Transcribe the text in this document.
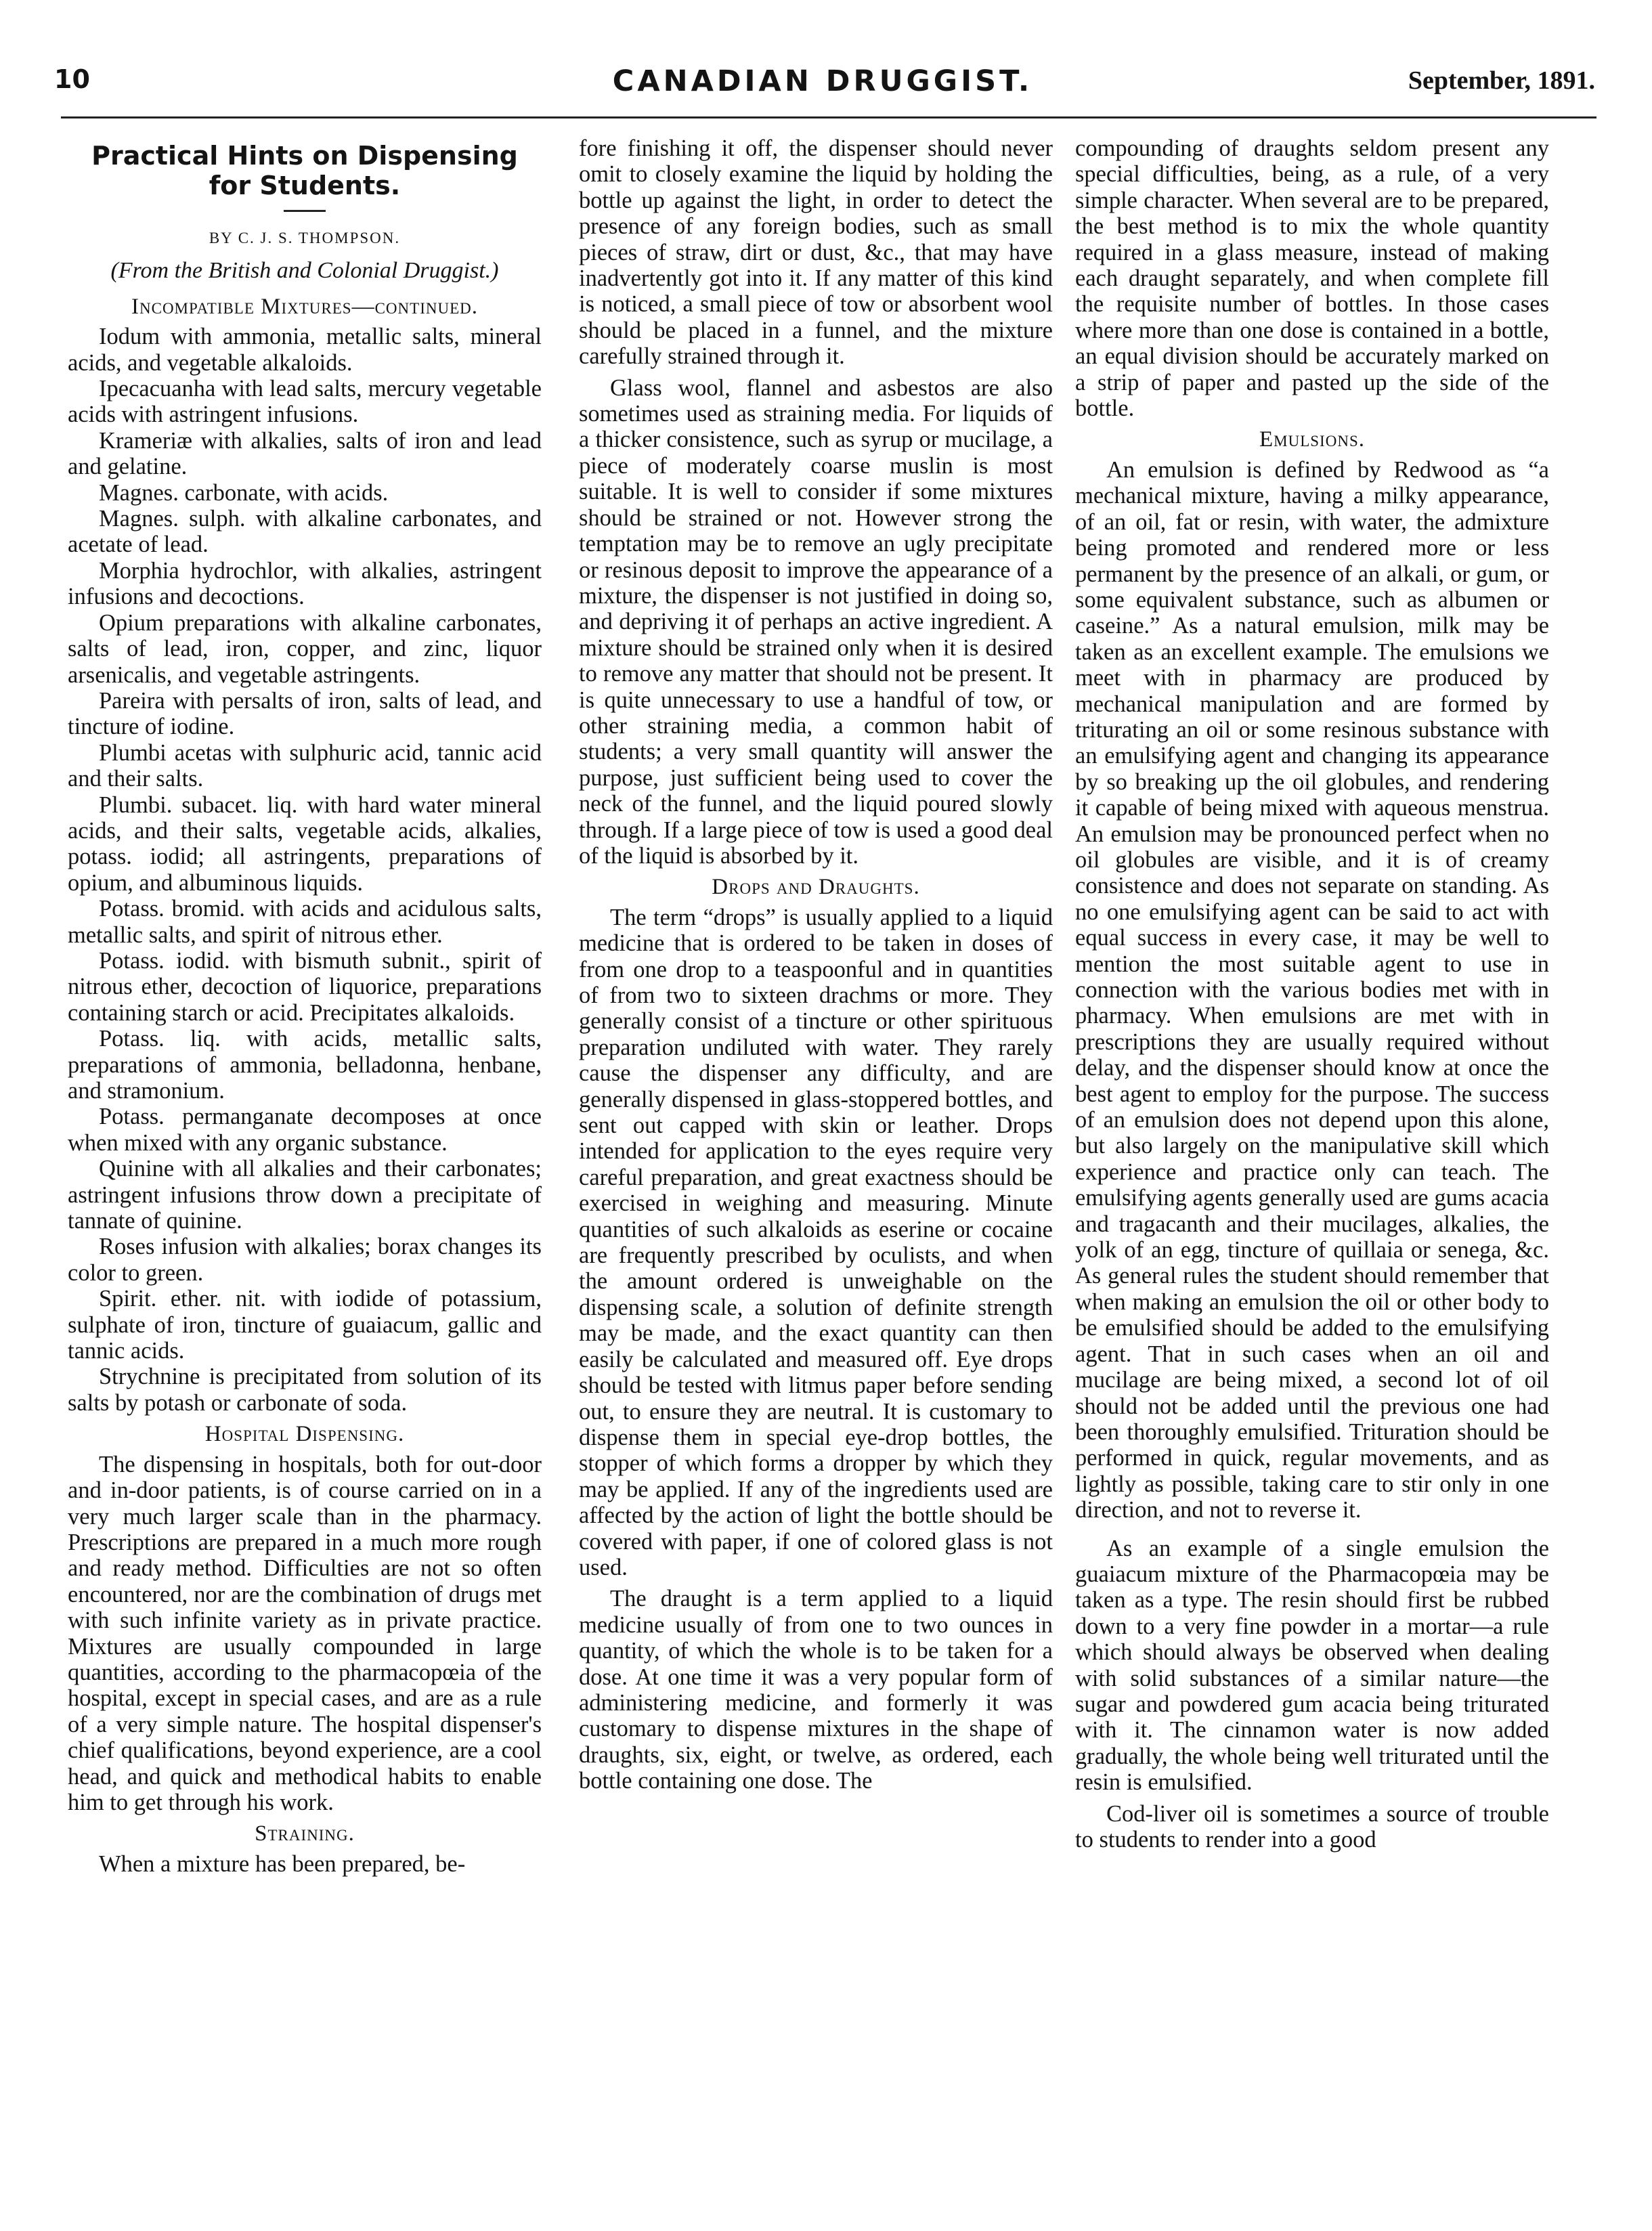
10	CANADIAN DRUGGIST.	September, 1891.
Practical Hints on Dispensing for Students.
BY C. J. S. THOMPSON.
(From the British and Colonial Druggist.)
Incompatible Mixtures—continued.

Iodum with ammonia, metallic salts, mineral acids, and vegetable alkaloids.

Ipecacuanha with lead salts, mercury vegetable acids with astringent infusions.

Krameriæ with alkalies, salts of iron and lead and gelatine.

Magnes. carbonate, with acids.

Magnes. sulph. with alkaline carbonates, and acetate of lead.

Morphia hydrochlor, with alkalies, astringent infusions and decoctions.

Opium preparations with alkaline carbonates, salts of lead, iron, copper, and zinc, liquor arsenicalis, and vegetable astringents.

Pareira with persalts of iron, salts of lead, and tincture of iodine.

Plumbi acetas with sulphuric acid, tannic acid and their salts.

Plumbi. subacet. liq. with hard water mineral acids, and their salts, vegetable acids, alkalies, potass. iodid; all astringents, preparations of opium, and albuminous liquids.

Potass. bromid. with acids and acidulous salts, metallic salts, and spirit of nitrous ether.

Potass. iodid. with bismuth subnit., spirit of nitrous ether, decoction of liquorice, preparations containing starch or acid. Precipitates alkaloids.

Potass. liq. with acids, metallic salts, preparations of ammonia, belladonna, henbane, and stramonium.

Potass. permanganate decomposes at once when mixed with any organic substance.

Quinine with all alkalies and their carbonates; astringent infusions throw down a precipitate of tannate of quinine.

Roses infusion with alkalies; borax changes its color to green.

Spirit. ether. nit. with iodide of potassium, sulphate of iron, tincture of guaiacum, gallic and tannic acids.

Strychnine is precipitated from solution of its salts by potash or carbonate of soda.

Hospital Dispensing.

The dispensing in hospitals, both for out-door and in-door patients, is of course carried on in a very much larger scale than in the pharmacy. Prescriptions are prepared in a much more rough and ready method. Difficulties are not so often encountered, nor are the combination of drugs met with such infinite variety as in private practice. Mixtures are usually compounded in large quantities, according to the pharmacopœia of the hospital, except in special cases, and are as a rule of a very simple nature. The hospital dispenser's chief qualifications, beyond experience, are a cool head, and quick and methodical habits to enable him to get through his work.

Straining.

When a mixture has been prepared, be-

fore finishing it off, the dispenser should never omit to closely examine the liquid by holding the bottle up against the light, in order to detect the presence of any foreign bodies, such as small pieces of straw, dirt or dust, &c., that may have inadvertently got into it. If any matter of this kind is noticed, a small piece of tow or absorbent wool should be placed in a funnel, and the mixture carefully strained through it.

Glass wool, flannel and asbestos are also sometimes used as straining media. For liquids of a thicker consistence, such as syrup or mucilage, a piece of moderately coarse muslin is most suitable. It is well to consider if some mixtures should be strained or not. However strong the temptation may be to remove an ugly precipitate or resinous deposit to improve the appearance of a mixture, the dispenser is not justified in doing so, and depriving it of perhaps an active ingredient. A mixture should be strained only when it is desired to remove any matter that should not be present. It is quite unnecessary to use a handful of tow, or other straining media, a common habit of students; a very small quantity will answer the purpose, just sufficient being used to cover the neck of the funnel, and the liquid poured slowly through. If a large piece of tow is used a good deal of the liquid is absorbed by it.

Drops and Draughts.

The term “drops” is usually applied to a liquid medicine that is ordered to be taken in doses of from one drop to a teaspoonful and in quantities of from two to sixteen drachms or more. They generally consist of a tincture or other spirituous preparation undiluted with water. They rarely cause the dispenser any difficulty, and are generally dispensed in glass-stoppered bottles, and sent out capped with skin or leather. Drops intended for application to the eyes require very careful preparation, and great exactness should be exercised in weighing and measuring. Minute quantities of such alkaloids as eserine or cocaine are frequently prescribed by oculists, and when the amount ordered is unweighable on the dispensing scale, a solution of definite strength may be made, and the exact quantity can then easily be calculated and measured off. Eye drops should be tested with litmus paper before sending out, to ensure they are neutral. It is customary to dispense them in special eye-drop bottles, the stopper of which forms a dropper by which they may be applied. If any of the ingredients used are affected by the action of light the bottle should be covered with paper, if one of colored glass is not used.

The draught is a term applied to a liquid medicine usually of from one to two ounces in quantity, of which the whole is to be taken for a dose. At one time it was a very popular form of administering medicine, and formerly it was customary to dispense mixtures in the shape of draughts, six, eight, or twelve, as ordered, each bottle containing one dose. The

compounding of draughts seldom present any special difficulties, being, as a rule, of a very simple character. When several are to be prepared, the best method is to mix the whole quantity required in a glass measure, instead of making each draught separately, and when complete fill the requisite number of bottles. In those cases where more than one dose is contained in a bottle, an equal division should be accurately marked on a strip of paper and pasted up the side of the bottle.

Emulsions.

An emulsion is defined by Redwood as “a mechanical mixture, having a milky appearance, of an oil, fat or resin, with water, the admixture being promoted and rendered more or less permanent by the presence of an alkali, or gum, or some equivalent substance, such as albumen or caseine.” As a natural emulsion, milk may be taken as an excellent example. The emulsions we meet with in pharmacy are produced by mechanical manipulation and are formed by triturating an oil or some resinous substance with an emulsifying agent and changing its appearance by so breaking up the oil globules, and rendering it capable of being mixed with aqueous menstrua. An emulsion may be pronounced perfect when no oil globules are visible, and it is of creamy consistence and does not separate on standing. As no one emulsifying agent can be said to act with equal success in every case, it may be well to mention the most suitable agent to use in connection with the various bodies met with in pharmacy. When emulsions are met with in prescriptions they are usually required without delay, and the dispenser should know at once the best agent to employ for the purpose. The success of an emulsion does not depend upon this alone, but also largely on the manipulative skill which experience and practice only can teach. The emulsifying agents generally used are gums acacia and tragacanth and their mucilages, alkalies, the yolk of an egg, tincture of quillaia or senega, &c. As general rules the student should remember that when making an emulsion the oil or other body to be emulsified should be added to the emulsifying agent. That in such cases when an oil and mucilage are being mixed, a second lot of oil should not be added until the previous one had been thoroughly emulsified. Trituration should be performed in quick, regular movements, and as lightly as possible, taking care to stir only in one direction, and not to reverse it.

As an example of a single emulsion the guaiacum mixture of the Pharmacopœia may be taken as a type. The resin should first be rubbed down to a very fine powder in a mortar—a rule which should always be observed when dealing with solid substances of a similar nature—the sugar and powdered gum acacia being triturated with it. The cinnamon water is now added gradually, the whole being well triturated until the resin is emulsified.

Cod-liver oil is sometimes a source of trouble to students to render into a good
